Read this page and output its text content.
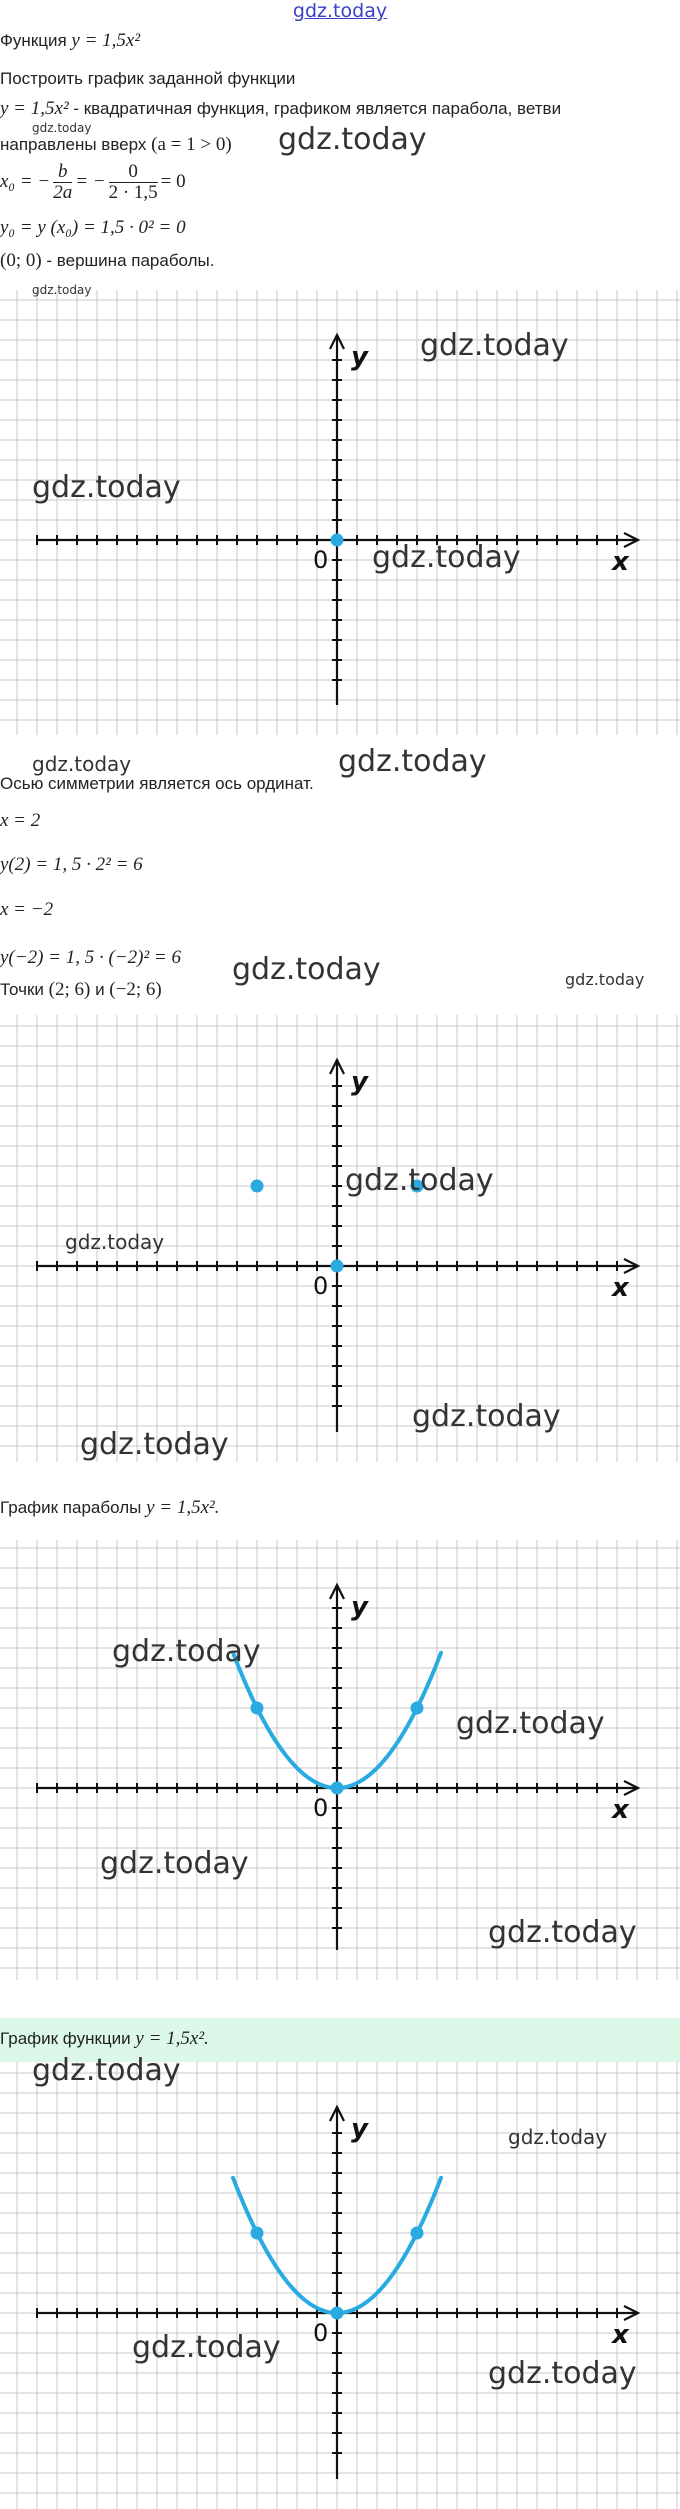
gdz.today
Функция y = 1,5x²
Построить график заданной функции
y = 1,5x² - квадратичная функция, графиком является парабола, ветви
направлены вверх (a = 1 > 0)
x₀ = − $\frac{b}{2a}$ = − $\frac{0}{2 \cdot 1,5} = 0$
y₀ = y (x₀) = 1,5 · 0² = 0
(0; 0) - вершина параболы.
x
y
0
Осью симметрии является ось ординат.
x = 2
y(2) = 1, 5 · 2² = 6
x = −2
y(−2) = 1, 5 · (−2)² = 6
Точки (2; 6) и (−2; 6)
x
y
0
График параболы y = 1,5x².
x
y
0
График функции y = 1,5x².
x
y
0
gdz.today	gdz.today
gdz.today
gdz.today
gdz.today
gdz.today
gdz.today	gdz.today
gdz.today	gdz.today
gdz.today
gdz.today
gdz.today
gdz.today
gdz.today
gdz.today
gdz.today
gdz.today
gdz.today
gdz.today
gdz.today
gdz.today
